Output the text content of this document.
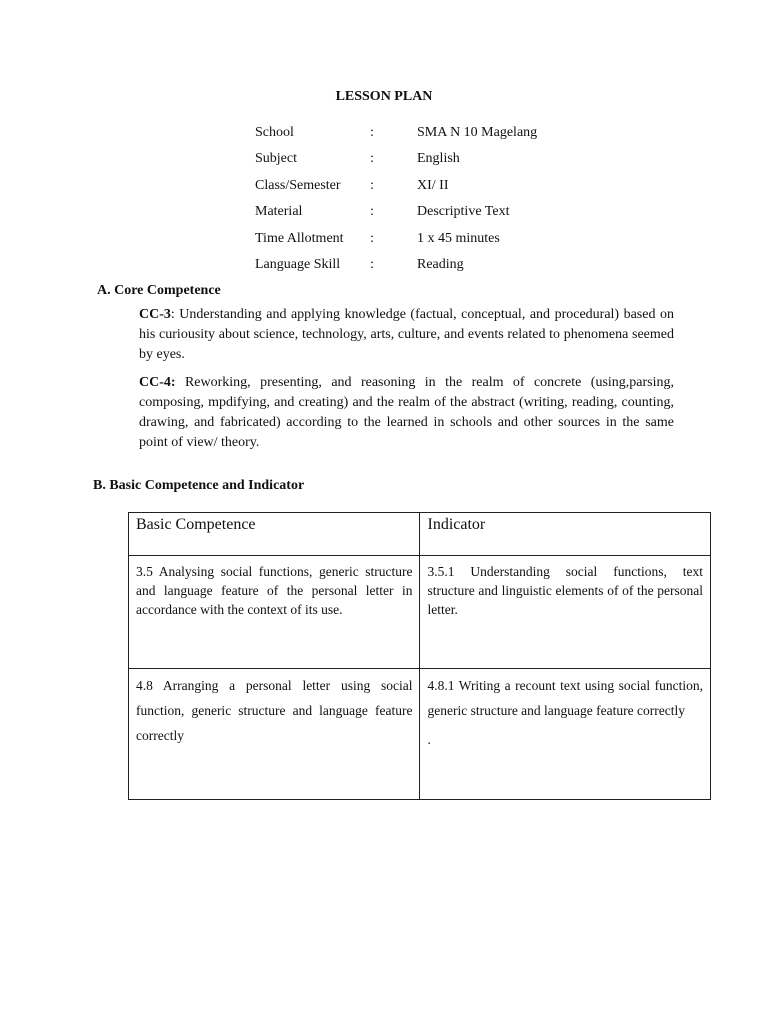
LESSON PLAN
School	:	SMA N 10 Magelang
Subject	:	English
Class/Semester	:	XI/ II
Material	:	Descriptive Text
Time Allotment	:	1 x 45 minutes
Language Skill	:	Reading
A. Core Competence
CC-3: Understanding and applying knowledge (factual, conceptual, and procedural) based on his curiousity about science, technology, arts, culture, and events related to phenomena seemed by eyes.
CC-4: Reworking, presenting, and reasoning in the realm of concrete (using,parsing, composing, mpdifying, and creating) and the realm of the abstract (writing, reading, counting, drawing, and fabricated) according to the learned in schools and other sources in the same point of view/ theory.
B. Basic Competence and Indicator
Basic Competence	Indicator
3.5 Analysing social functions, generic structure and language feature of the personal letter in accordance with the context of its use.	3.5.1 Understanding social functions, text structure and linguistic elements of of the personal letter.
4.8 Arranging a personal letter using social function, generic structure and language feature correctly	4.8.1 Writing a recount text using social function, generic structure and language feature correctly
.
